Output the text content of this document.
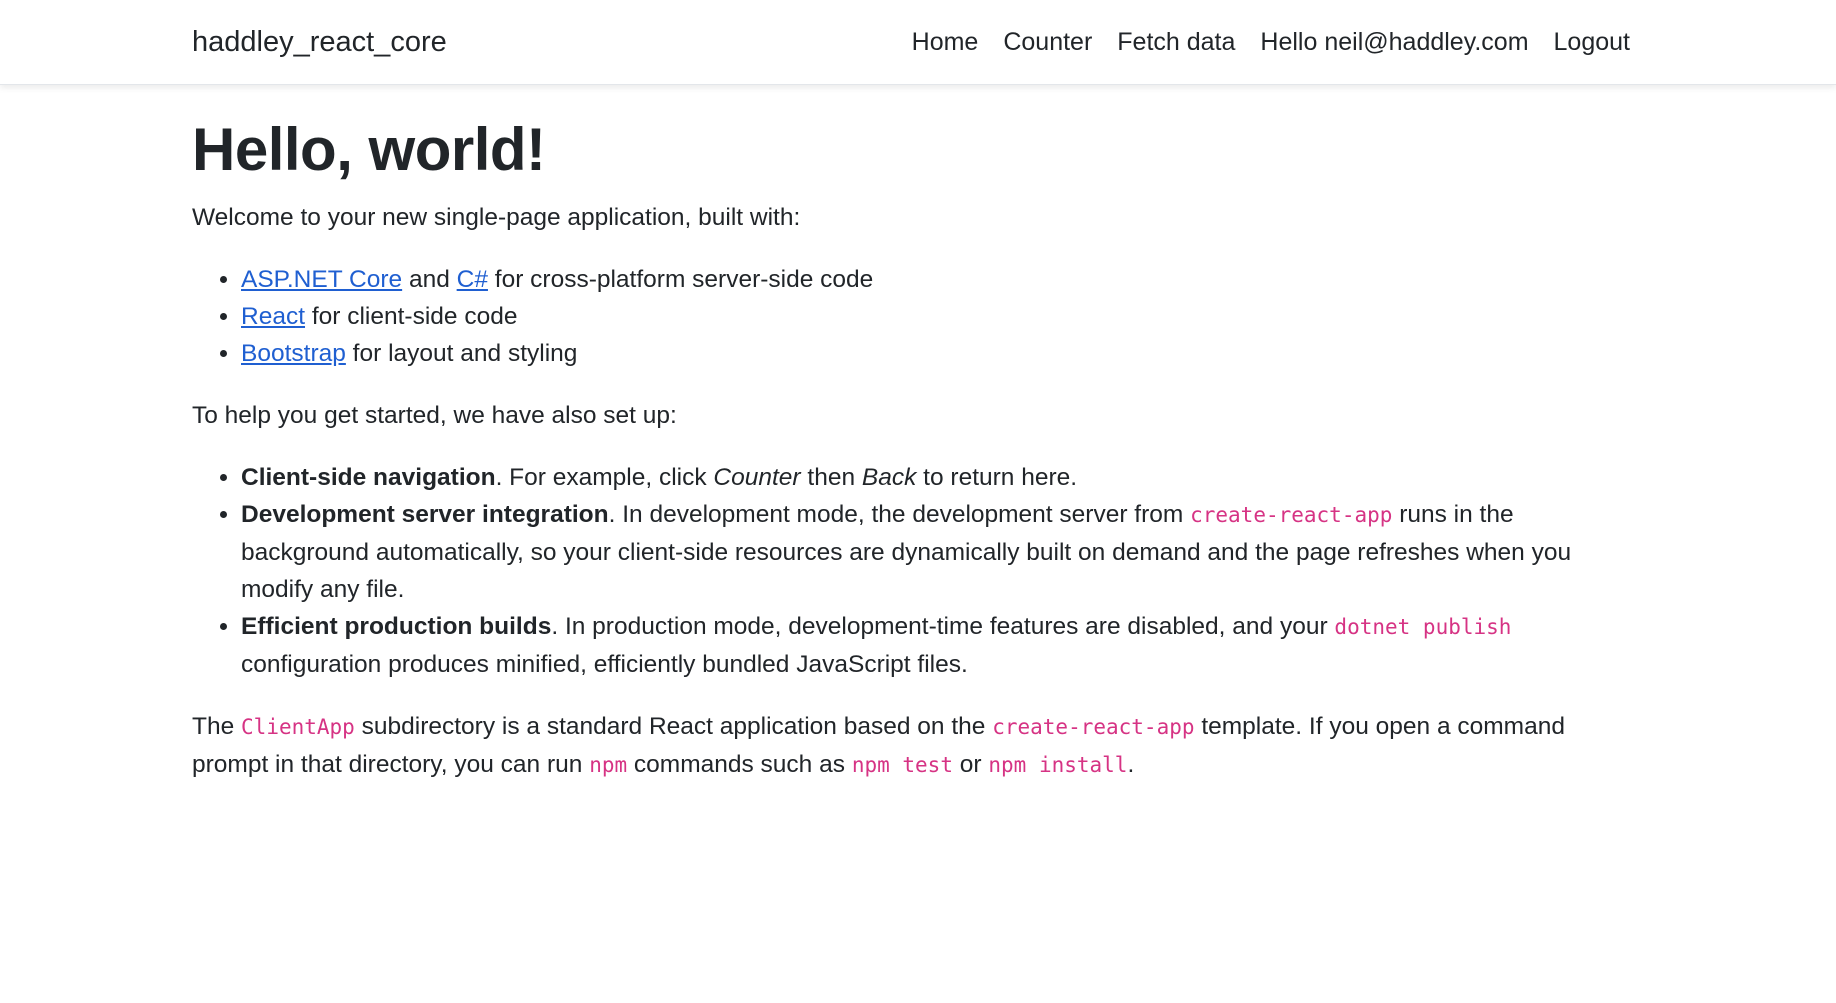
haddley_react_core	Home Counter Fetch data Hello neil@haddley.com Logout
Hello, world!

Welcome to your new single-page application, built with:

• ASP.NET Core and C# for cross-platform server-side code
• React for client-side code
• Bootstrap for layout and styling

To help you get started, we have also set up:

• Client-side navigation. For example, click Counter then Back to return here.
• Development server integration. In development mode, the development server from create-react-app runs in the background automatically, so your client-side resources are dynamically built on demand and the page refreshes when you modify any file.
• Efficient production builds. In production mode, development-time features are disabled, and your dotnet publish configuration produces minified, efficiently bundled JavaScript files.

The ClientApp subdirectory is a standard React application based on the create-react-app template. If you open a command prompt in that directory, you can run npm commands such as npm test or npm install.
